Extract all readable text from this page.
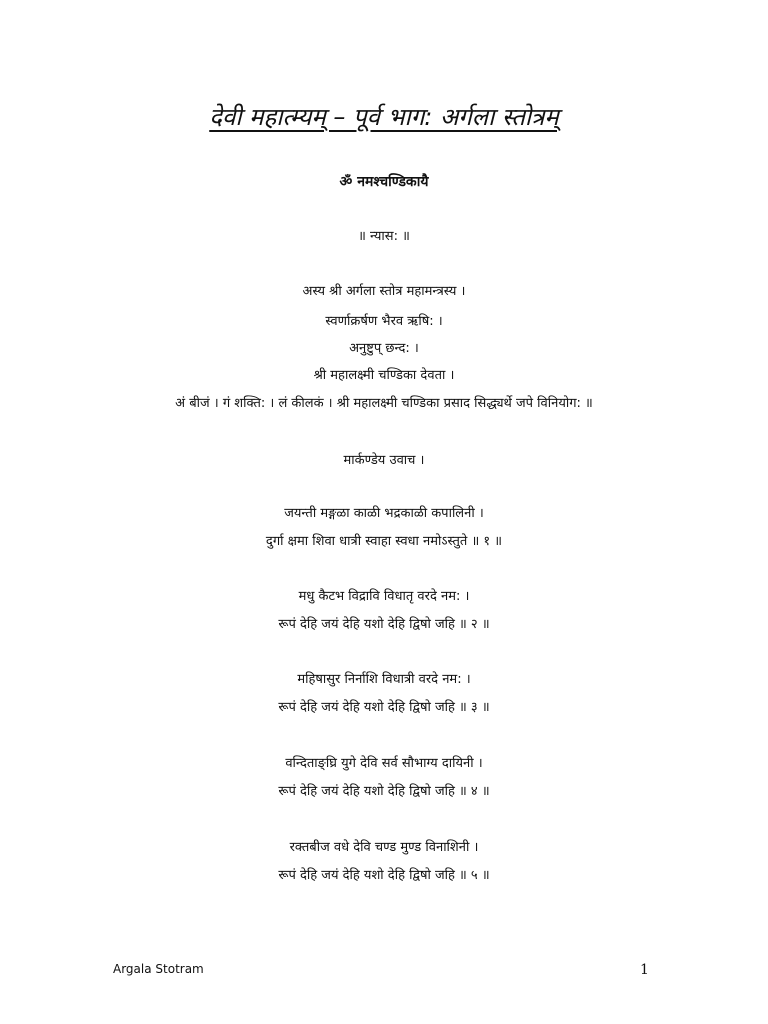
देवी महात्म्यम् – पूर्व भाग: अर्गला स्तोत्रम्
ॐ नमश्चण्डिकायै
॥ न्यास: ॥
अस्य श्री अर्गला स्तोत्र महामन्त्रस्य ।
स्वर्णाक्रर्षण भैरव ऋषि: ।
अनुष्टुप् छन्द: ।
श्री महालक्ष्मी चण्डिका देवता ।
अं बीजं । गं शक्ति: । लं कीलकं । श्री महालक्ष्मी चण्डिका प्रसाद सिद्ध्यर्थे जपे विनियोग: ॥
मार्कण्डेय उवाच ।
जयन्ती मङ्गळा काळी भद्रकाळी कपालिनी ।
दुर्गा क्षमा शिवा धात्री स्वाहा स्वधा नमोऽस्तुते ॥ १ ॥
मधु कैटभ विद्रावि विधातृ वरदे नम: ।
रूपं देहि जयं देहि यशो देहि द्विषो जहि ॥ २ ॥
महिषासुर निर्नाशि विधात्री वरदे नम: ।
रूपं देहि जयं देहि यशो देहि द्विषो जहि ॥ ३ ॥
वन्दिताङ्घ्रि युगे देवि सर्व सौभाग्य दायिनी ।
रूपं देहि जयं देहि यशो देहि द्विषो जहि ॥ ४ ॥
रक्तबीज वधे देवि चण्ड मुण्ड विनाशिनी ।
रूपं देहि जयं देहि यशो देहि द्विषो जहि ॥ ५ ॥
Argala Stotram	1
